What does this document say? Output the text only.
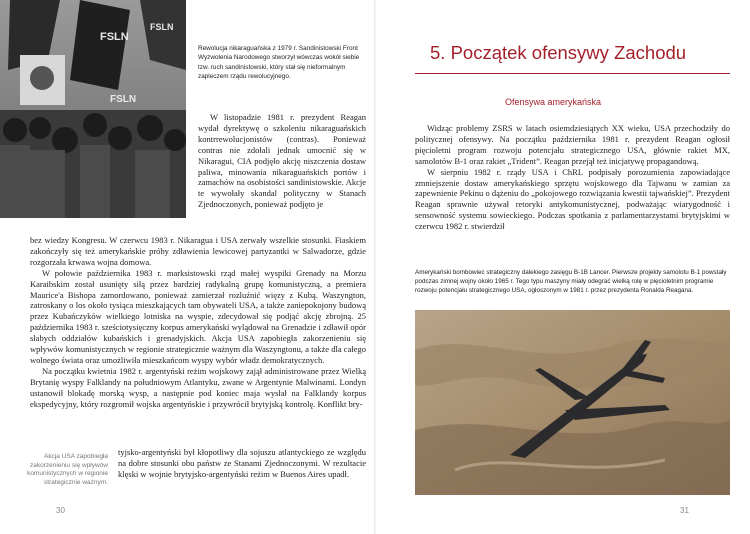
FSLN
FSLN
FSLN

Rewolucja nikaraguańska z 1979 r. Sandinistowski Front Wyzwolenia Narodowego stworzył wówczas wokół siebie tzw. ruch sandinistowski, który stał się nieformalnym zapleczem rządu rewolucyjnego.

W listopadzie 1981 r. prezydent Reagan wydał dyrektywę o szkoleniu nikaraguańskich kontrrewolucjonistów (contras). Ponieważ contras nie zdołali jednak umocnić się w Nikaragui, CIA podjęło akcję niszczenia dostaw paliwa, minowania nikaraguańskich portów i zamachów na osobistości sandinistowskie. Akcje te wywołały skandal polityczny w Stanach Zjednoczonych, ponieważ podjęto je

bez wiedzy Kongresu. W czerwcu 1983 r. Nikaragua i USA zerwały wszelkie stosunki. Fiaskiem zakończyły się też amerykańskie próby zdławienia lewicowej partyzantki w Salwadorze, gdzie rozgorzała krwawa wojna domowa.

W połowie października 1983 r. marksistowski rząd małej wyspiki Grenady na Morzu Karaibskim został usunięty siłą przez bardziej radykalną grupę komunistyczną, a premiera Maurice'a Bishopa zamordowano, ponieważ zamierzał rozluźnić więzy z Kubą. Waszyngton, zatroskany o los około tysiąca mieszkających tam obywateli USA, a także zaniepokojony budową przez Kubańczyków wielkiego lotniska na wyspie, zdecydował się podjąć akcję zbrojną. 25 października 1983 r. sześciotysięczny korpus amerykański wylądował na Grenadzie i zdławił opór słabych oddziałów kubańskich i grenadyjskich. Akcja USA zapobiegła zakorzenieniu się wpływów komunistycznych w regionie strategicznie ważnym dla Waszyngtonu, a także dla całego wolnego świata oraz umożliwiła mieszkańcom wyspy wybór władz demokratycznych.

Na początku kwietnia 1982 r. argentyński reżim wojskowy zajął administrowane przez Wielką Brytanię wyspy Falklandy na południowym Atlantyku, zwane w Argentynie Malwinami. Londyn ustanowił blokadę morską wysp, a następnie pod koniec maja wysłał na Falklandy korpus ekspedycyjny, który rozgromił wojska argentyńskie i przywrócił brytyjską kontrolę. Konflikt bry-

tyjsko-argentyński był kłopotliwy dla sojuszu atlantyckiego ze względu na dobre stosunki obu państw ze Stanami Zjednoczonymi. W rezultacie klęski w wojnie brytyjsko-argentyński reżim w Buenos Aires upadł.

Akcja USA zapobiegła zakorzenieniu się wpływów komunistycznych w regionie strategicznie ważnym.

30
5. Początek ofensywy Zachodu
Ofensywa amerykańska

Widząc problemy ZSRS w latach osiemdziesiątych XX wieku, USA przechodziły do politycznej ofensywy. Na początku października 1981 r. prezydent Reagan ogłosił pięcioletni program rozwoju potencjału strategicznego USA, głównie rakiet MX, samolotów B-1 oraz rakiet „Trident”. Reagan przejął też inicjatywę propagandową.

W sierpniu 1982 r. rządy USA i ChRL podpisały porozumienia zapowiadające zmniejszenie dostaw amerykańskiego sprzętu wojskowego dla Tajwanu w zamian za zapewnienie Pekinu o dążeniu do „pokojowego rozwiązania kwestii tajwańskiej”. Prezydent Reagan sprawnie używał retoryki antykomunistycznej, podważając wiarygodność i sensowność systemu sowieckiego. Podczas spotkania z parlamentarzystami brytyjskimi w czerwcu 1982 r. stwierdził

Amerykański bombowiec strategiczny dalekiego zasięgu B-1B Lancer. Pierwsze projekty samolotu B-1 powstały podczas zimnej wojny około 1965 r. Tego typu maszyny miały odegrać wielką rolę w pięcioletnim programie rozwoju potencjału strategicznego USA, ogłoszonym w 1981 r. przez prezydenta Ronalda Reagana.

31
